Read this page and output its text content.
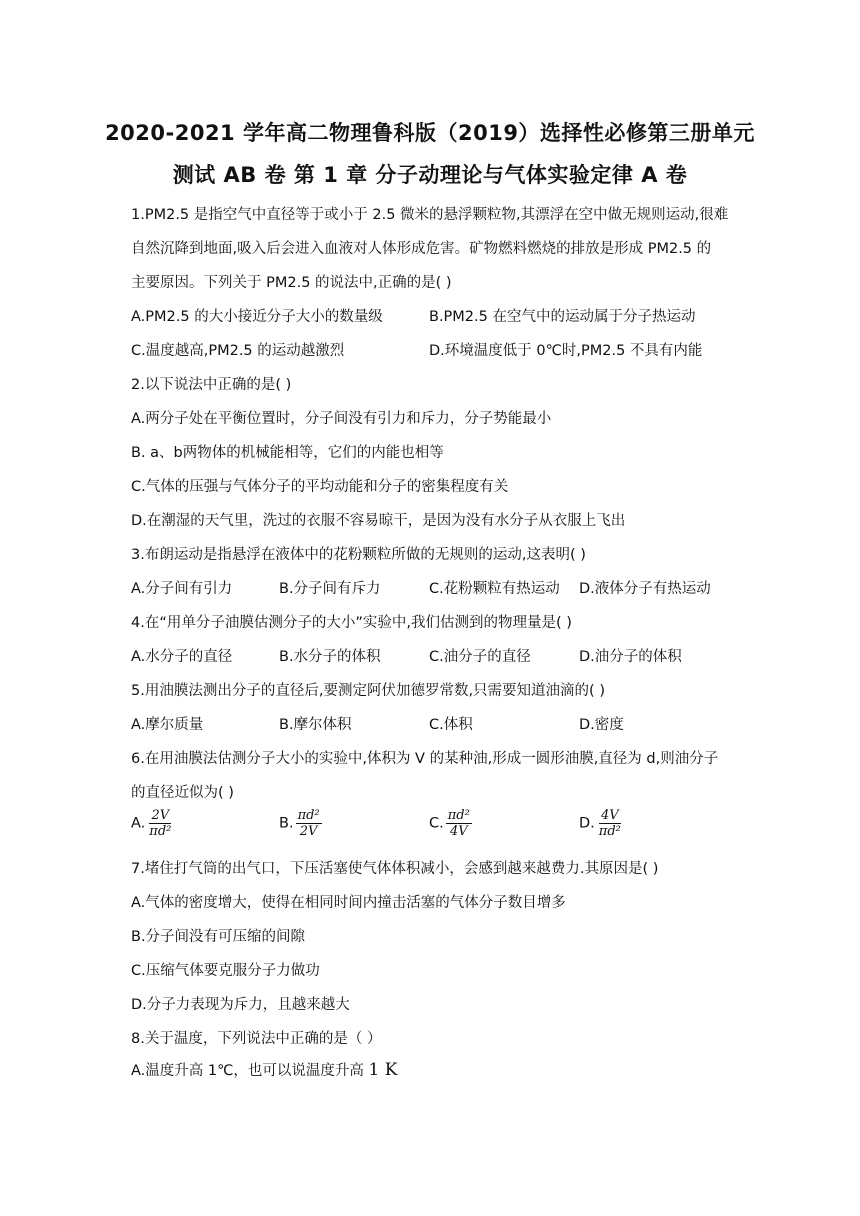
2020-2021 学年高二物理鲁科版（2019）选择性必修第三册单元
测试 AB 卷 第 1 章 分子动理论与气体实验定律 A 卷
1.PM2.5 是指空气中直径等于或小于 2.5 微米的悬浮颗粒物,其漂浮在空中做无规则运动,很难
自然沉降到地面,吸入后会进入血液对人体形成危害。矿物燃料燃烧的排放是形成 PM2.5 的
主要原因。下列关于 PM2.5 的说法中,正确的是( )
A.PM2.5 的大小接近分子大小的数量级	B.PM2.5 在空气中的运动属于分子热运动
C.温度越高,PM2.5 的运动越激烈	D.环境温度低于 0℃时,PM2.5 不具有内能
2.以下说法中正确的是( )
A.两分子处在平衡位置时，分子间没有引力和斥力，分子势能最小
B. a、b两物体的机械能相等，它们的内能也相等
C.气体的压强与气体分子的平均动能和分子的密集程度有关
D.在潮湿的天气里，洗过的衣服不容易晾干，是因为没有水分子从衣服上飞出
3.布朗运动是指悬浮在液体中的花粉颗粒所做的无规则的运动,这表明( )
A.分子间有引力	B.分子间有斥力	C.花粉颗粒有热运动 D.液体分子有热运动
4.在“用单分子油膜估测分子的大小”实验中,我们估测到的物理量是( )
A.水分子的直径	B.水分子的体积	C.油分子的直径	D.油分子的体积
5.用油膜法测出分子的直径后,要测定阿伏加德罗常数,只需要知道油滴的( )
A.摩尔质量	B.摩尔体积	C.体积	D.密度
6.在用油膜法估测分子大小的实验中,体积为 V 的某种油,形成一圆形油膜,直径为 d,则油分子
的直径近似为( )
A. $\frac{2V}{\text{πd²}}$	B. $\frac{\text{πd²}}{2V}$	C. $\frac{\text{πd²}}{4V}$	D. $\frac{4V}{\text{πd²}}$
7.堵住打气筒的出气口，下压活塞使气体体积减小，会感到越来越费力.其原因是( )
A.气体的密度增大，使得在相同时间内撞击活塞的气体分子数目增多
B.分子间没有可压缩的间隙
C.压缩气体要克服分子力做功
D.分子力表现为斥力，且越来越大
8.关于温度，下列说法中正确的是（ ）
A.温度升高 1℃，也可以说温度升高 1 K
